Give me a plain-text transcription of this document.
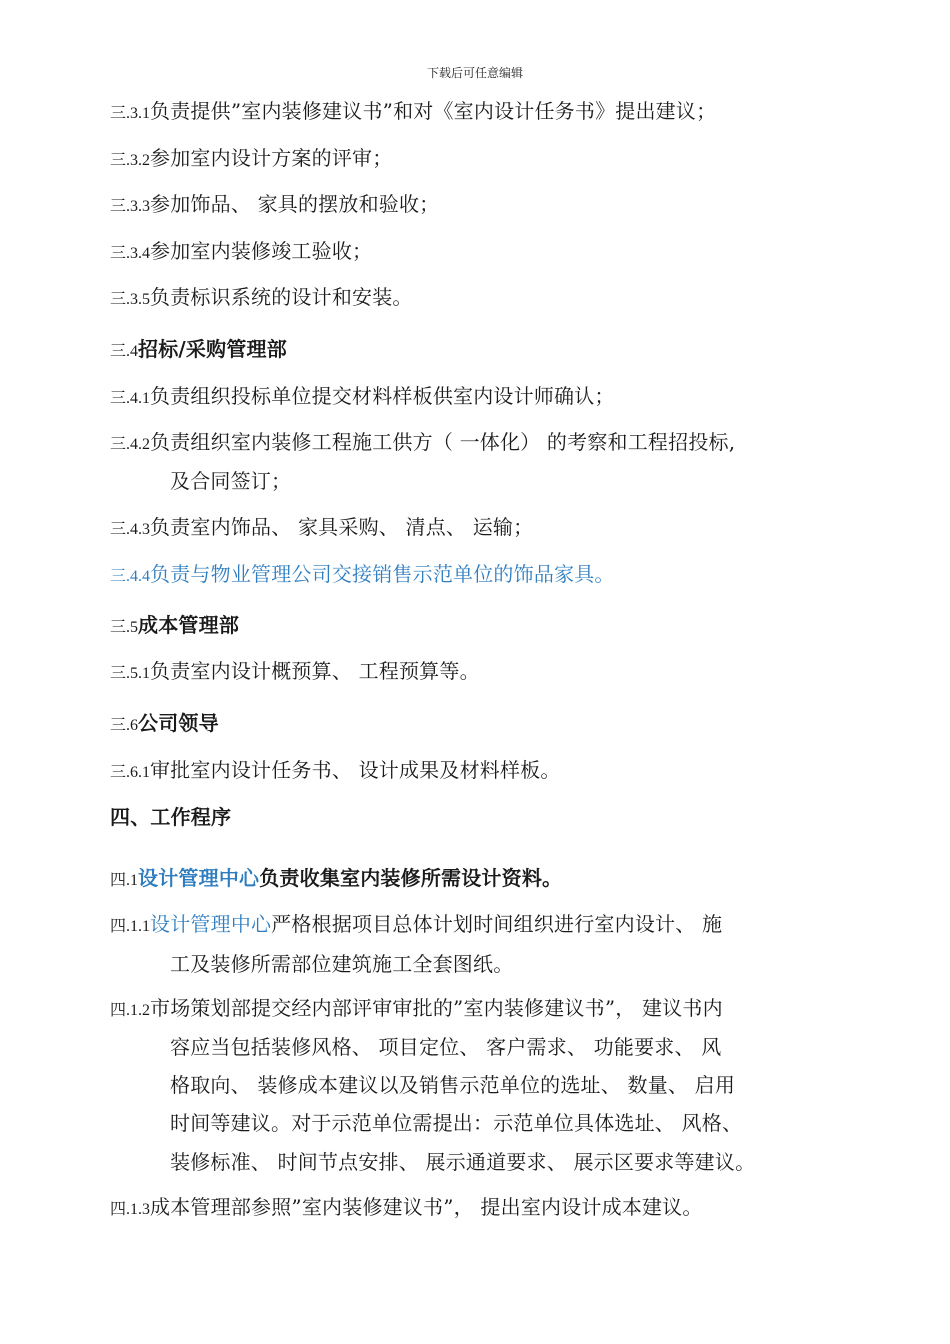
下载后可任意编辑
三.3.1负责提供”室内装修建议书”和对《室内设计任务书》提出建议；
三.3.2参加室内设计方案的评审；
三.3.3参加饰品、 家具的摆放和验收；
三.3.4参加室内装修竣工验收；
三.3.5负责标识系统的设计和安装。
三.4招标/采购管理部
三.4.1负责组织投标单位提交材料样板供室内设计师确认；
三.4.2负责组织室内装修工程施工供方（ 一体化） 的考察和工程招投标,
及合同签订；
三.4.3负责室内饰品、 家具采购、 清点、 运输；
三.4.4负责与物业管理公司交接销售示范单位的饰品家具。
三.5成本管理部
三.5.1负责室内设计概预算、 工程预算等。
三.6公司领导
三.6.1审批室内设计任务书、 设计成果及材料样板。
四、工作程序
四.1设计管理中心负责收集室内装修所需设计资料。
四.1.1设计管理中心严格根据项目总体计划时间组织进行室内设计、 施
工及装修所需部位建筑施工全套图纸。
四.1.2市场策划部提交经内部评审审批的”室内装修建议书”， 建议书内
容应当包括装修风格、 项目定位、 客户需求、 功能要求、 风
格取向、 装修成本建议以及销售示范单位的选址、 数量、 启用
时间等建议。对于示范单位需提出：示范单位具体选址、 风格、
装修标准、 时间节点安排、 展示通道要求、 展示区要求等建议。
四.1.3成本管理部参照”室内装修建议书”， 提出室内设计成本建议。
